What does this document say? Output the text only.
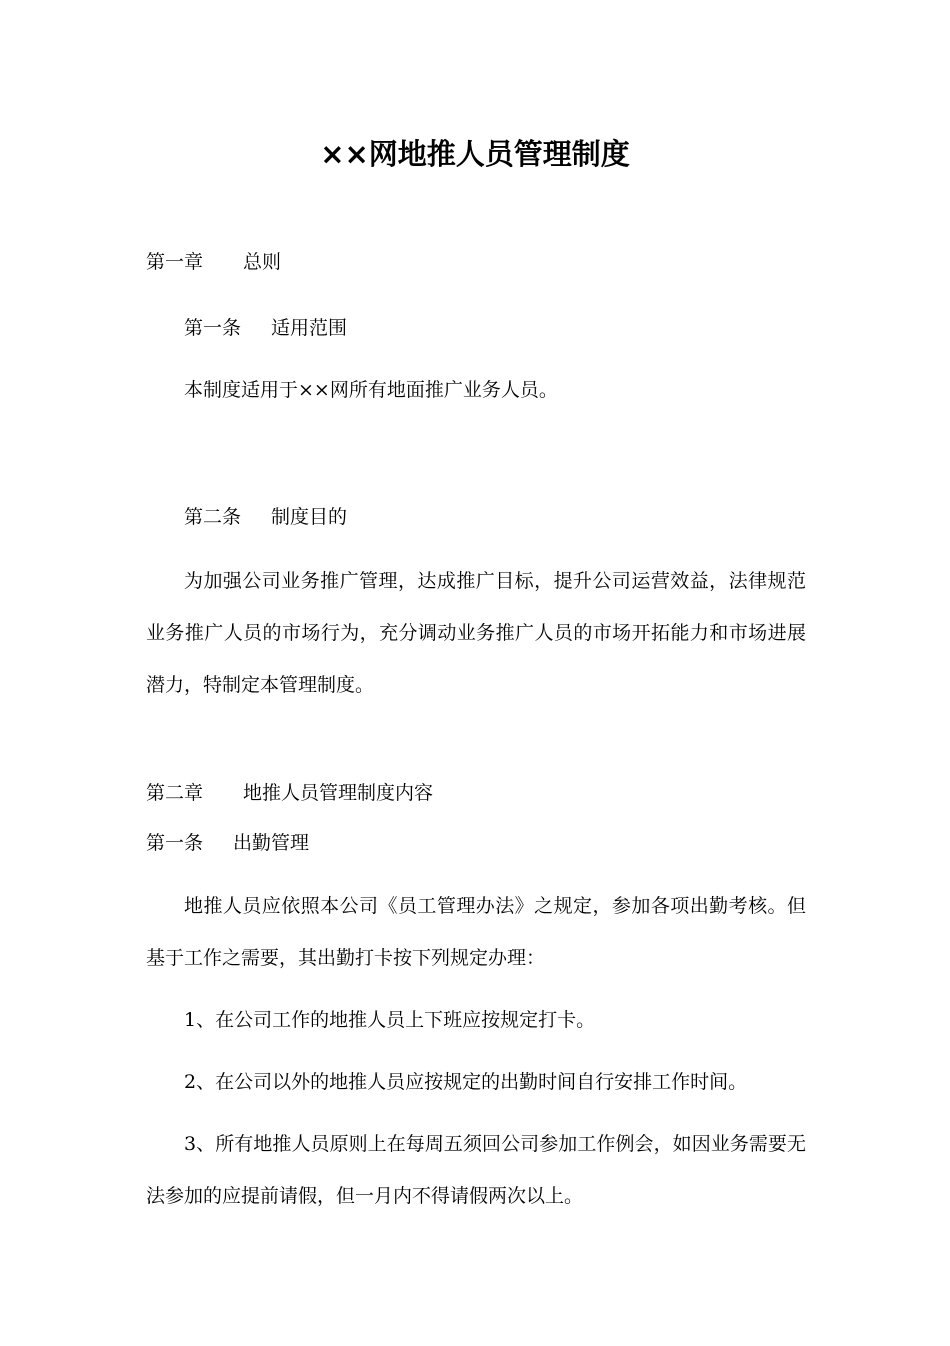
××网地推人员管理制度
第一章 总则
第一条 适用范围
本制度适用于××网所有地面推广业务人员。
第二条 制度目的
为加强公司业务推广管理，达成推广目标，提升公司运营效益，法律规范业务推广人员的市场行为，充分调动业务推广人员的市场开拓能力和市场进展潜力，特制定本管理制度。
第二章 地推人员管理制度内容
第一条 出勤管理
地推人员应依照本公司《员工管理办法》之规定，参加各项出勤考核。但基于工作之需要，其出勤打卡按下列规定办理：
1、在公司工作的地推人员上下班应按规定打卡。
2、在公司以外的地推人员应按规定的出勤时间自行安排工作时间。
3、所有地推人员原则上在每周五须回公司参加工作例会，如因业务需要无法参加的应提前请假，但一月内不得请假两次以上。
